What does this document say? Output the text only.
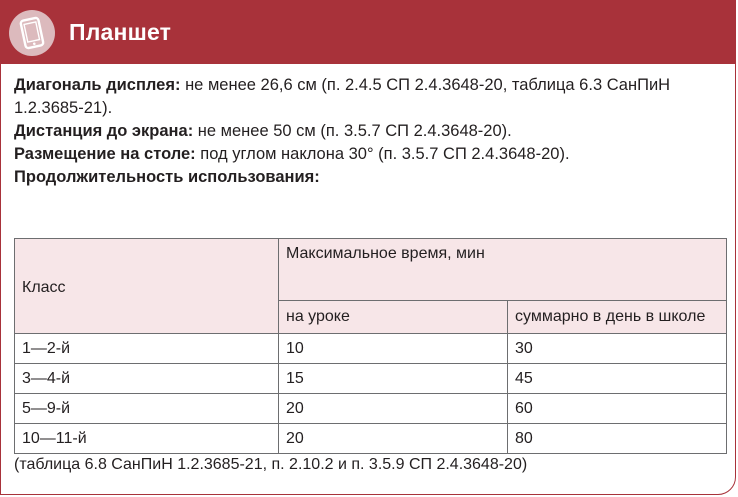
Планшет

Диагональ дисплея: не менее 26,6 см (п. 2.4.5 СП 2.4.3648-20, таблица 6.3 СанПиН 1.2.3685-21).

Дистанция до экрана: не менее 50 см (п. 3.5.7 СП 2.4.3648-20).

Размещение на столе: под углом наклона 30° (п. 3.5.7 СП 2.4.3648-20).

Продолжительность использования:

Класс	Максимальное время, мин	
	на уроке	суммарно в день в школе
1—2-й	10	30
3—4-й	15	45
5—9-й	20	60
10—11-й	20	80

(таблица 6.8 СанПиН 1.2.3685-21, п. 2.10.2 и п. 3.5.9 СП 2.4.3648-20)
